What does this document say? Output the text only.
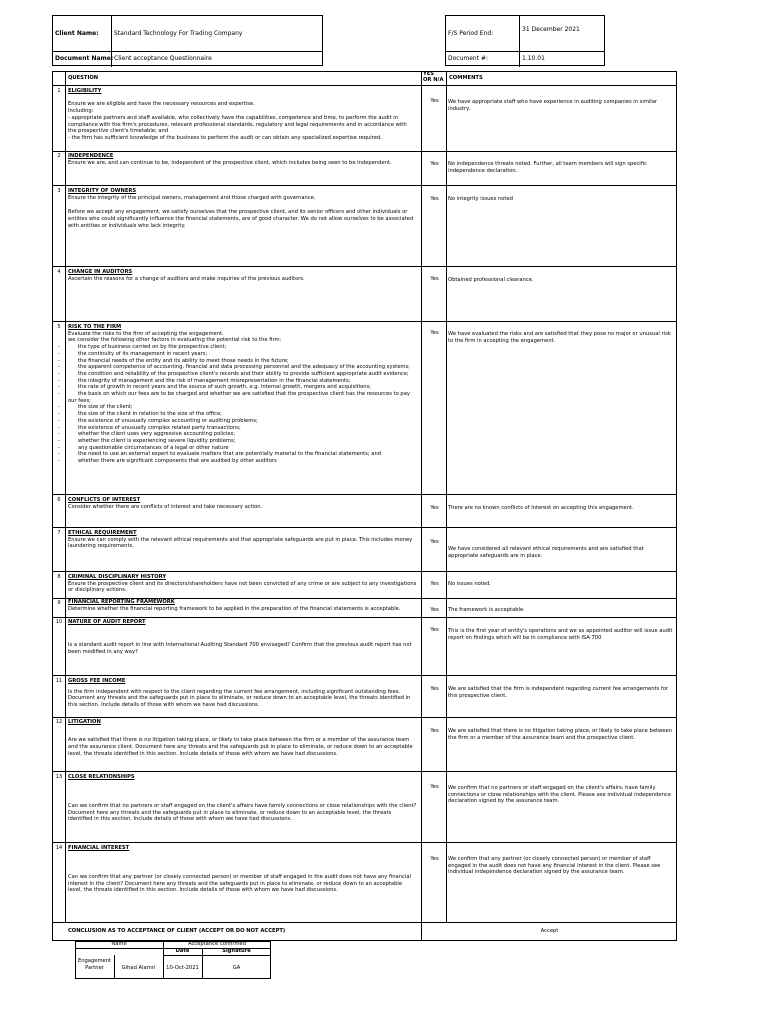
Client Name:	Standard Technology For Trading Company
Document Name: Client acceptance Questionnaire
F/S Period End:
31 December 2021
Document #:	1.10.01
QUESTION
YES
OR N/A	COMMENTS
1	ELIGIBILITY
Ensure we are eligible and have the necessary resources and expertise.
Including:
- appropriate partners and staff available, who collectively have the capabilities, competence and time, to perform the audit in
compliance with the firm's procedures, relevant professional standards, regulatory and legal requirements and in accordance with
the prospective client's timetable; and
- the firm has sufficient knowledge of the business to perform the audit or can obtain any specialized expertise required.
Yes	We have appropriate staff who have experience in auditing companies in similar industry.
2	INDEPENDENCE
Ensure we are, and can continue to be, independent of the prospective client, which includes being seen to be independent.	Yes	No independence threats noted. Further, all team members will sign specific independence declaration.
3	INTEGRITY OF OWNERS
Ensure the integrity of the principal owners, management and those charged with governance.
Before we accept any engagement, we satisfy ourselves that the prospective client, and its senior officers and other individuals or
entities who could significantly influence the financial statements, are of good character. We do not allow ourselves to be associated
with entities or individuals who lack integrity.
Yes	No integrity issues noted
4	CHANGE IN AUDITORS
Ascertain the reasons for a change of auditors and make inquiries of the previous auditors.	Yes	Obtained professional clearance.
5	RISK TO THE FIRM
Evaluate the risks to the firm of accepting the engagement.
we consider the following other factors in evaluating the potential risk to the firm:
- the type of business carried on by the prospective client;
- the continuity of its management in recent years;
- the financial needs of the entity and its ability to meet those needs in the future;
- the apparent competence of accounting, financial and data processing personnel and the adequacy of the accounting systems;
- the condition and reliability of the prospective client's records and their ability to provide sufficient appropriate audit evidence;
- the integrity of management and the risk of management misrepresentation in the financial statements;
- the rate of growth in recent years and the source of such growth, e.g. internal growth, mergers and acquisitions;
- the basis on which our fees are to be charged and whether we are satisfied that the prospective client has the resources to pay
our fees;
- the size of the client;
- the size of the client in relation to the size of the office;
- the existence of unusually complex accounting or auditing problems;
- the existence of unusually complex related party transactions;
- whether the client uses very aggressive accounting policies;
- whether the client is experiencing severe liquidity problems;
- any questionable circumstances of a legal or other nature
- the need to use an external expert to evaluate matters that are potentially material to the financial statements; and
- whether there are significant components that are audited by other auditors
Yes	We have evaluated the risks and are satisfied that they pose no major or unusual risk to the firm in accepting the engagement.
6	CONFLICTS OF INTEREST
Consider whether there are conflicts of interest and take necessary action.	Yes	There are no known conflicts of interest on accepting this engagement.
7	ETHICAL REQUIREMENT
Ensure we can comply with the relevant ethical requirements and that appropriate safeguards are put in place. This includes money
laundering requirements.
Yes
We have considered all relevant ethical requirements and are satisfied that appropriate safeguards are in place.
8	CRIMINAL DISCIPLINARY HISTORY
Ensure the prospective client and its directors/shareholders have not been convicted of any crime or are subject to any investigations
or disciplinary actions.
Yes	No issues noted.
9	FINANCIAL REPORTING FRAMEWORK
Determine whether the financial reporting framework to be applied in the preparation of the financial statements is acceptable.	Yes	The framework is acceptable.
10	NATURE OF AUDIT REPORT
Is a standard audit report in line with International Auditing Standard 700 envisaged? Confirm that the previous audit report has not
been modified in any way?
Yes	This is the first year of entity's operations and we as appointed auditor will issue audit report on findings which will be in compliance with ISA 700
11	GROSS FEE INCOME
Is the firm independent with respect to the client regarding the current fee arrangement, including significant outstanding fees.
Document any threats and the safeguards put in place to eliminate, or reduce down to an acceptable level, the threats identified in
this section. Include details of those with whom we have had discussions.
Yes	We are satisfied that the firm is independent regarding current fee arrangements for this prospective client.
12	LITIGATION
Are we satisfied that there is no litigation taking place, or likely to take place between the firm or a member of the assurance team
and the assurance client. Document here any threats and the safeguards put in place to eliminate, or reduce down to an acceptable
level, the threats identified in this section. Include details of those with whom we have had discussions.
Yes	We are satisfied that there is no litigation taking place, or likely to take place between the firm or a member of the assurance team and the prospective client.
13	CLOSE RELATIONSHIPS
Can we confirm that no partners or staff engaged on the client's affairs have family connections or close relationships with the client?
Document here any threats and the safeguards put in place to eliminate, or reduce down to an acceptable level, the threats
identified in this section. Include details of those with whom we have had discussions.
Yes	We confirm that no partners or staff engaged on the client's affairs, have family connections or close relationships with the client. Please see individual independence declaration signed by the assurance team.
14	FINANCIAL INTEREST
Can we confirm that any partner (or closely connected person) or member of staff engaged in the audit does not have any financial
interest in the client? Document here any threats and the safeguards put in place to eliminate, or reduce down to an acceptable
level, the threats identified in this section. Include details of those with whom we have had discussions.
Yes	We confirm that any partner (or closely connected person) or member of staff engaged in the audit does not have any financial interest in the client. Please see individual independence declaration signed by the assurance team.
CONCLUSION AS TO ACCEPTANCE OF CLIENT (ACCEPT OR DO NOT ACCEPT)	Accept
Name	Acceptance confirmed
Date	Signature
Engagement Partner	Gihad Alamri	10-Oct-2021	GA
